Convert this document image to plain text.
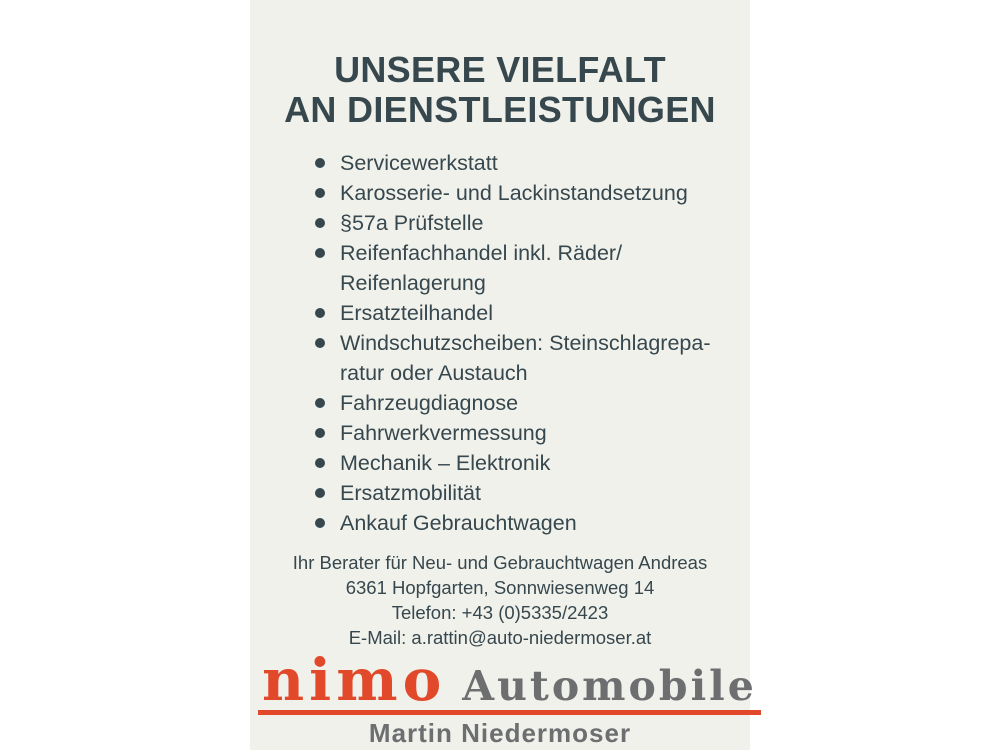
UNSERE VIELFALT
AN DIENSTLEISTUNGEN
Servicewerkstatt
Karosserie- und Lackinstandsetzung
§57a Prüfstelle
Reifenfachhandel inkl. Räder/
Reifenlagerung
Ersatzteilhandel
Windschutzscheiben: Steinschlagrepa-
ratur oder Austauch
Fahrzeugdiagnose
Fahrwerkvermessung
Mechanik – Elektronik
Ersatzmobilität
Ankauf Gebrauchtwagen
Ihr Berater für Neu- und Gebrauchtwagen Andreas
6361 Hopfgarten, Sonnwiesenweg 14
Telefon: +43 (0)5335/2423
E-Mail: a.rattin@auto-niedermoser.at
nimo Automobile
Martin Niedermoser
